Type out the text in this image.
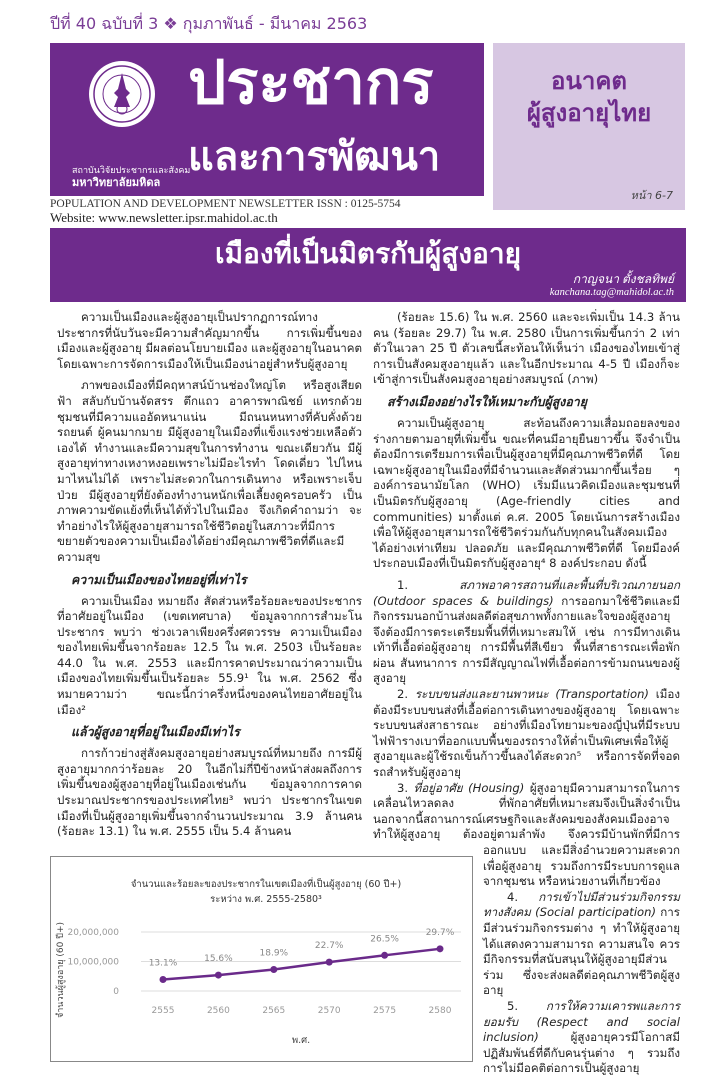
ปีที่ 40 ฉบับที่ 3 ❖ กุมภาพันธ์ - มีนาคม 2563
สถาบันวิจัยประชากรและสังคม
มหาวิทยาลัยมหิดล
ประชากร
และการพัฒนา
POPULATION AND DEVELOPMENT NEWSLETTER ISSN : 0125-5754
Website: www.newsletter.ipsr.mahidol.ac.th
อนาคต
ผู้สูงอายุไทย
หน้า 6-7
เมืองที่เป็นมิตรกับผู้สูงอายุ
กาญจนา ตั้งชลทิพย์
kanchana.tag@mahidol.ac.th

ความเป็นเมืองและผู้สูงอายุเป็นปรากฏการณ์ทางประชากรที่นับวันจะมีความสำคัญมากขึ้น การเพิ่มขึ้นของเมืองและผู้สูงอายุ มีผลต่อนโยบายเมือง และผู้สูงอายุในอนาคต โดยเฉพาะการจัดการเมืองให้เป็นเมืองน่าอยู่สำหรับผู้สูงอายุ

ภาพของเมืองที่มีคฤหาสน์บ้านช่องใหญ่โต หรือสูงเสียดฟ้า สลับกับบ้านจัดสรร ตึกแถว อาคารพาณิชย์ แทรกด้วยชุมชนที่มีความแออัดหนาแน่น มีถนนหนทางที่คับคั่งด้วยรถยนต์ ผู้คนมากมาย มีผู้สูงอายุในเมืองที่แข็งแรงช่วยเหลือตัวเองได้ ทำงานและมีความสุขในการทำงาน ขณะเดียวกัน มีผู้สูงอายุท่าทางเหงาหงอยเพราะไม่มีอะไรทำ โดดเดี่ยว ไปไหนมาไหนไม่ได้ เพราะไม่สะดวกในการเดินทาง หรือเพราะเจ็บป่วย มีผู้สูงอายุที่ยังต้องทำงานหนักเพื่อเลี้ยงดูครอบครัว เป็นภาพความขัดแย้งที่เห็นได้ทั่วไปในเมือง จึงเกิดคำถามว่า จะทำอย่างไรให้ผู้สูงอายุสามารถใช้ชีวิตอยู่ในสภาวะที่มีการขยายตัวของความเป็นเมืองได้อย่างมีคุณภาพชีวิตที่ดีและมีความสุข

ความเป็นเมืองของไทยอยู่ที่เท่าไร

ความเป็นเมือง หมายถึง สัดส่วนหรือร้อยละของประชากรที่อาศัยอยู่ในเมือง (เขตเทศบาล) ข้อมูลจากการสำมะโนประชากร พบว่า ช่วงเวลาเพียงครึ่งศตวรรษ ความเป็นเมืองของไทยเพิ่มขึ้นจากร้อยละ 12.5 ใน พ.ศ. 2503 เป็นร้อยละ 44.0 ใน พ.ศ. 2553 และมีการคาดประมาณว่าความเป็นเมืองของไทยเพิ่มขึ้นเป็นร้อยละ 55.9¹ ใน พ.ศ. 2562 ซึ่งหมายความว่า ขณะนี้กว่าครึ่งหนึ่งของคนไทยอาศัยอยู่ในเมือง²

แล้วผู้สูงอายุที่อยู่ในเมืองมีเท่าไร

การก้าวย่างสู่สังคมสูงอายุอย่างสมบูรณ์ที่หมายถึง การมีผู้สูงอายุมากกว่าร้อยละ 20 ในอีกไม่กี่ปีข้างหน้าส่งผลถึงการเพิ่มขึ้นของผู้สูงอายุที่อยู่ในเมืองเช่นกัน ข้อมูลจากการคาดประมาณประชากรของประเทศไทย³ พบว่า ประชากรในเขตเมืองที่เป็นผู้สูงอายุเพิ่มขึ้นจากจำนวนประมาณ 3.9 ล้านคน (ร้อยละ 13.1) ใน พ.ศ. 2555 เป็น 5.4 ล้านคน

(ร้อยละ 15.6) ใน พ.ศ. 2560 และจะเพิ่มเป็น 14.3 ล้านคน (ร้อยละ 29.7) ใน พ.ศ. 2580 เป็นการเพิ่มขึ้นกว่า 2 เท่าตัวในเวลา 25 ปี ตัวเลขนี้สะท้อนให้เห็นว่า เมืองของไทยเข้าสู่การเป็นสังคมสูงอายุแล้ว และในอีกประมาณ 4-5 ปี เมืองก็จะเข้าสู่การเป็นสังคมสูงอายุอย่างสมบูรณ์ (ภาพ)

สร้างเมืองอย่างไรให้เหมาะกับผู้สูงอายุ

ความเป็นผู้สูงอายุ สะท้อนถึงความเสื่อมถอยลงของร่างกายตามอายุที่เพิ่มขึ้น ขณะที่คนมีอายุยืนยาวขึ้น จึงจำเป็นต้องมีการเตรียมการเพื่อเป็นผู้สูงอายุที่มีคุณภาพชีวิตที่ดี โดยเฉพาะผู้สูงอายุในเมืองที่มีจำนวนและสัดส่วนมากขึ้นเรื่อย ๆ องค์การอนามัยโลก (WHO) เริ่มมีแนวคิดเมืองและชุมชนที่เป็นมิตรกับผู้สูงอายุ (Age-friendly cities and communities) มาตั้งแต่ ค.ศ. 2005 โดยเน้นการสร้างเมืองเพื่อให้ผู้สูงอายุสามารถใช้ชีวิตร่วมกันกับทุกคนในสังคมเมืองได้อย่างเท่าเทียม ปลอดภัย และมีคุณภาพชีวิตที่ดี โดยมีองค์ประกอบเมืองที่เป็นมิตรกับผู้สูงอายุ⁴ 8 องค์ประกอบ ดังนี้

1.	สภาพอาคารสถานที่และพื้นที่บริเวณภายนอก (Outdoor spaces & buildings) การออกมาใช้ชีวิตและมีกิจกรรมนอกบ้านส่งผลดีต่อสุขภาพทั้งกายและใจของผู้สูงอายุ จึงต้องมีการตระเตรียมพื้นที่ที่เหมาะสมให้ เช่น การมีทางเดินเท้าที่เอื้อต่อผู้สูงอายุ การมีพื้นที่สีเขียว พื้นที่สาธารณะเพื่อพักผ่อน สันทนาการ การมีสัญญาณไฟที่เอื้อต่อการข้ามถนนของผู้สูงอายุ

2. ระบบขนส่งและยานพาหนะ (Transportation) เมืองต้องมีระบบขนส่งที่เอื้อต่อการเดินทางของผู้สูงอายุ โดยเฉพาะระบบขนส่งสาธารณะ อย่างที่เมืองโทยามะของญี่ปุ่นที่มีระบบไฟฟ้ารางเบาที่ออกแบบพื้นของรถรางให้ต่ำเป็นพิเศษเพื่อให้ผู้สูงอายุและผู้ใช้รถเข็นก้าวขึ้นลงได้สะดวก⁵ หรือการจัดที่จอดรถสำหรับผู้สูงอายุ

3. ที่อยู่อาศัย (Housing) ผู้สูงอายุมีความสามารถในการเคลื่อนไหวลดลง ที่พักอาศัยที่เหมาะสมจึงเป็นสิ่งจำเป็น นอกจากนี้สถานการณ์เศรษฐกิจและสังคมของสังคมเมืองอาจทำให้ผู้สูงอายุ ต้องอยู่ตามลำพัง จึงควรมีบ้านพักที่มีการออกแบบ และมีสิ่งอำนวยความสะดวกเพื่อผู้สูงอายุ รวมถึงการมีระบบการดูแลจากชุมชน หรือหน่วยงานที่เกี่ยวข้อง

4. การเข้าไปมีส่วนร่วมกิจกรรมทางสังคม (Social participation) การมีส่วนร่วมกิจกรรมต่าง ๆ ทำให้ผู้สูงอายุได้แสดงความสามารถ ความสนใจ ควรมีกิจกรรมที่สนับสนุนให้ผู้สูงอายุมีส่วนร่วม ซึ่งจะส่งผลดีต่อคุณภาพชีวิตผู้สูงอายุ

5. การให้ความเคารพและการยอมรับ (Respect and social inclusion)	ผู้สูงอายุควรมีโอกาสมีปฏิสัมพันธ์ที่ดีกับคนรุ่นต่าง ๆ รวมถึงการไม่มีอคติต่อการเป็นผู้สูงอายุ

จำนวนและร้อยละของประชากรในเขตเมืองที่เป็นผู้สูงอายุ (60 ปี+)
ระหว่าง พ.ศ. 2555-2580³
พ.ศ.
จำนวนผู้สูงอายุ (60 ปี+)	0
10,000,000
20,000,000
2555	2560	2565	2570	2575	2580
13.1%	15.6%
18.9%
22.7%
26.5%
29.7%
